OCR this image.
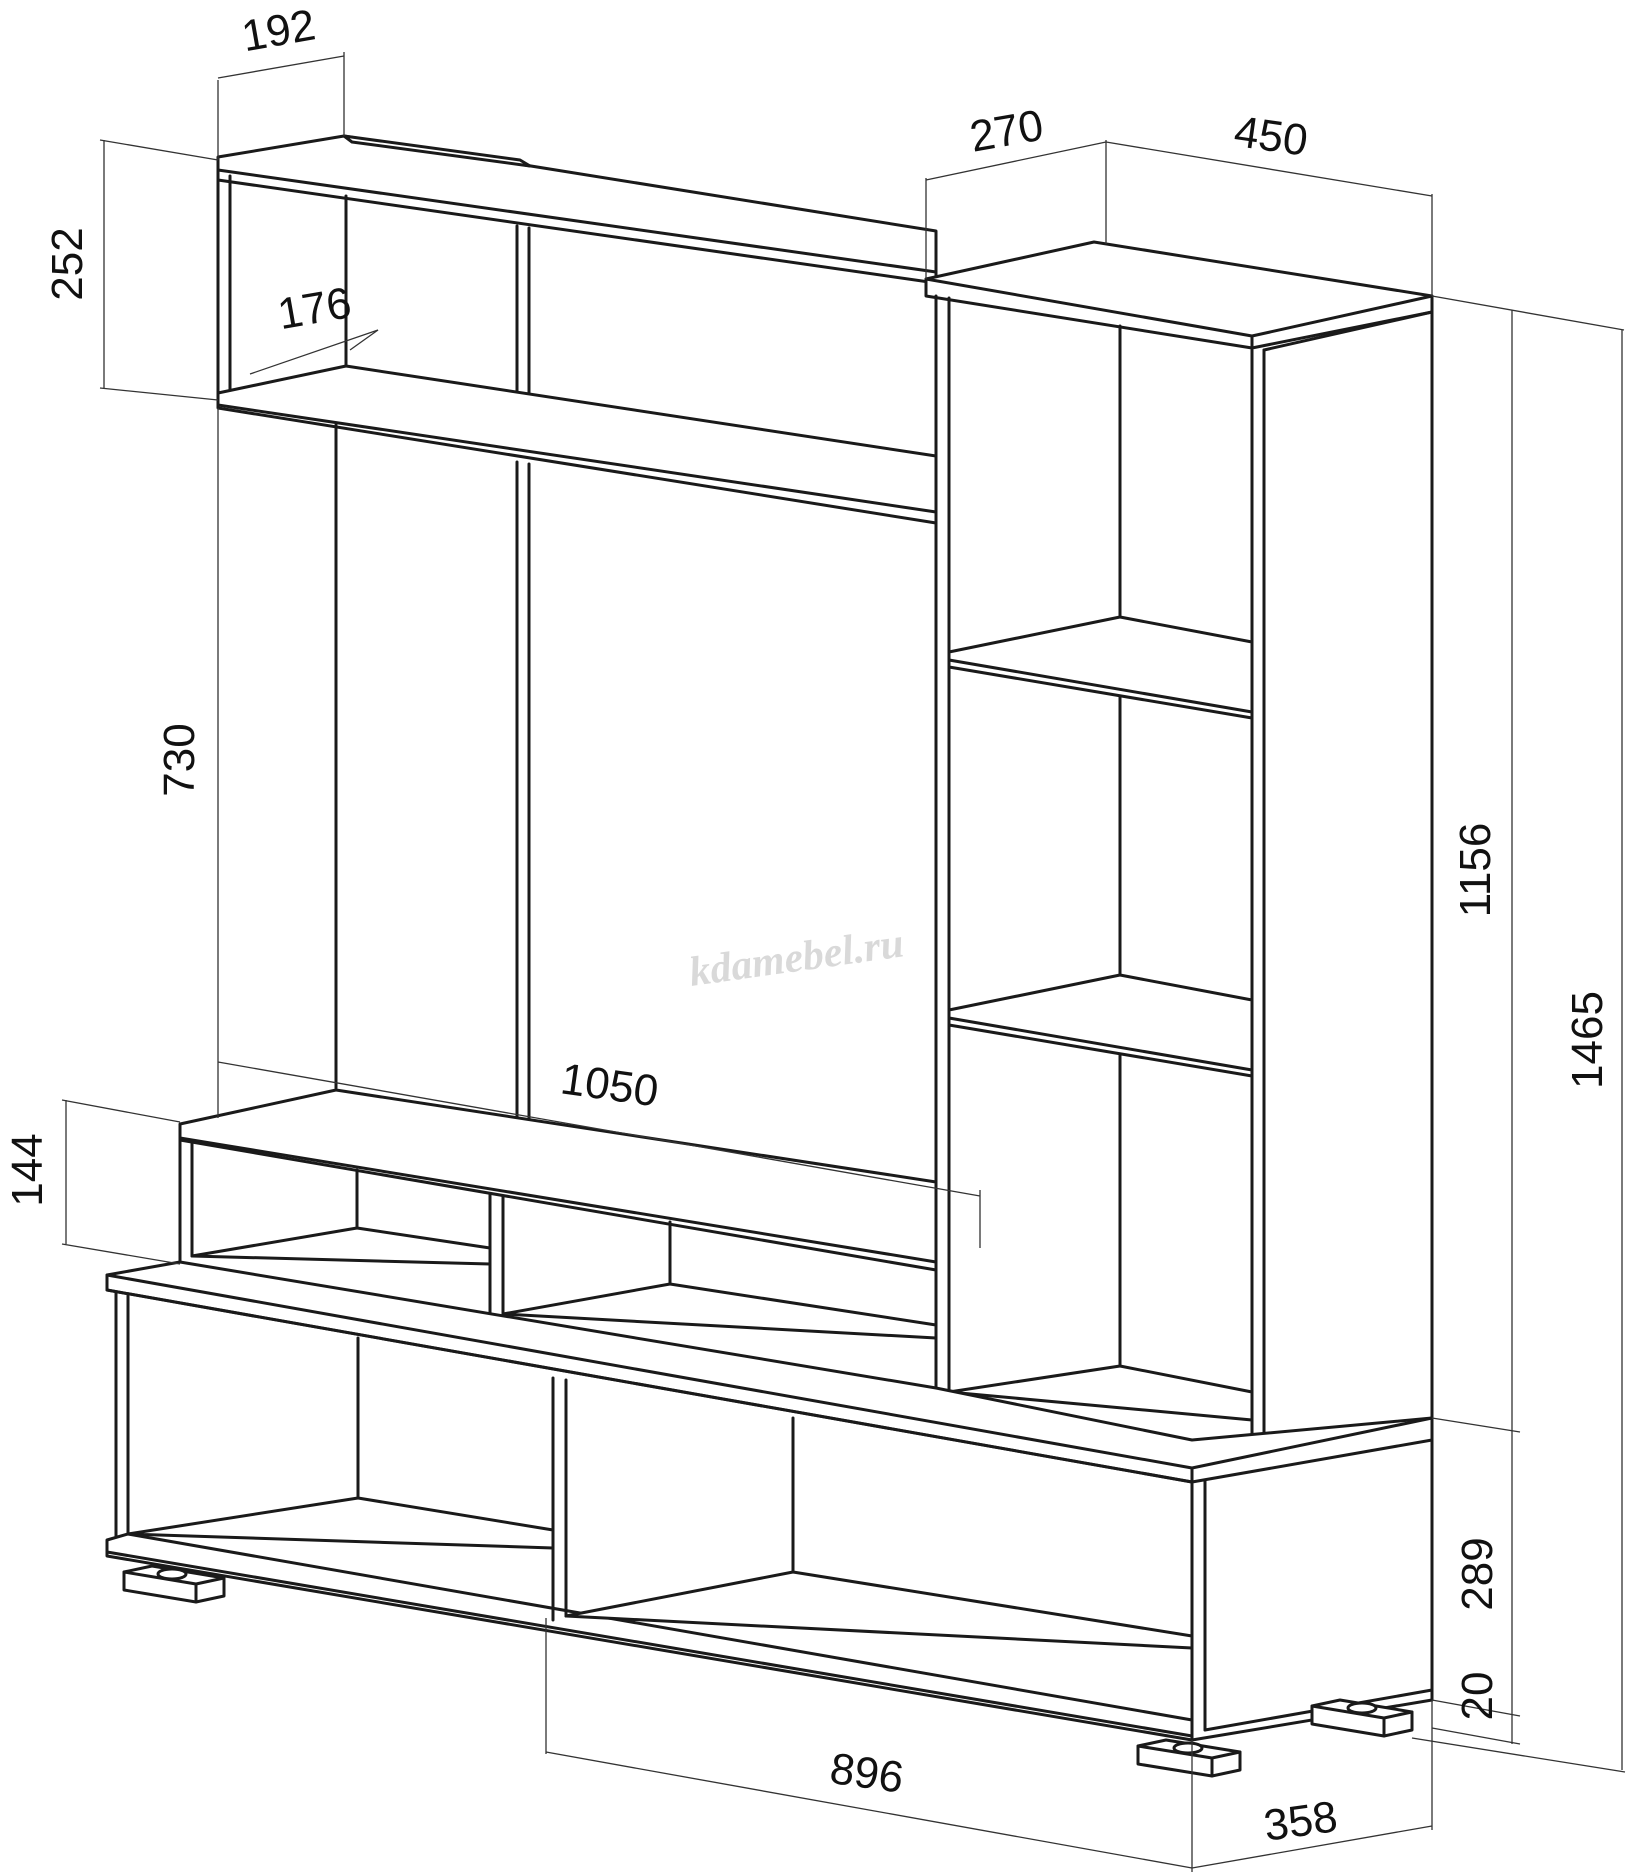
192
252
176
730
1050
144
270	450
1156
1465
289
20
896
358
kdamebel.ru
